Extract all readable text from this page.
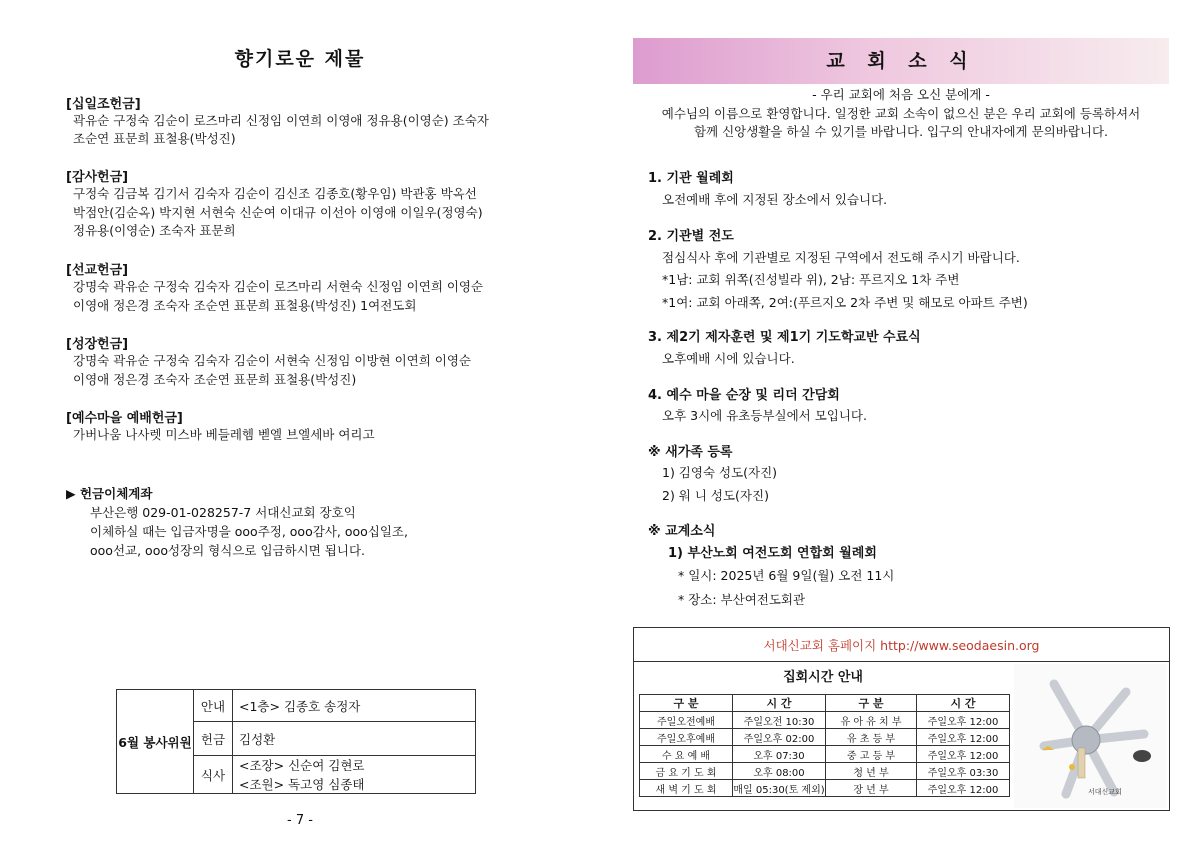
향기로운 제물
[십일조헌금]
곽유순 구정숙 김순이 로즈마리 신정임 이연희 이영애 정유용(이영순) 조숙자
조순연 표문희 표철용(박성진)
[감사헌금]
구정숙 김금복 김기서 김숙자 김순이 김신조 김종호(황우임) 박관홍 박옥선
박점안(김순옥) 박지현 서현숙 신순여 이대규 이선아 이영애 이일우(정영숙)
정유용(이영순) 조숙자 표문희
[선교헌금]
강명숙 곽유순 구정숙 김숙자 김순이 로즈마리 서현숙 신정임 이연희 이영순
이영애 정은경 조숙자 조순연 표문희 표철용(박성진) 1여전도회
[성장헌금]
강명숙 곽유순 구정숙 김숙자 김순이 서현숙 신정임 이방현 이연희 이영순
이영애 정은경 조숙자 조순연 표문희 표철용(박성진)
[예수마을 예배헌금]
가버나움 나사렛 미스바 베들레헴 벧엘 브엘세바 여리고
▶ 헌금이체계좌
부산은행 029-01-028257-7 서대신교회 장호익
이체하실 때는 입금자명을 ooo주정, ooo감사, ooo십일조,
ooo선교, ooo성장의 형식으로 입금하시면 됩니다.
6월 봉사위원	안내	<1층> 김종호 송정자
	헌금	김성환
	식사	<조장> 신순여 김현로
		<조원> 독고영 심종태
- 7 -
교 회 소 식
- 우리 교회에 처음 오신 분에게 -
예수님의 이름으로 환영합니다. 일정한 교회 소속이 없으신 분은 우리 교회에 등록하셔서
함께 신앙생활을 하실 수 있기를 바랍니다. 입구의 안내자에게 문의바랍니다.
1. 기관 월례회
오전예배 후에 지정된 장소에서 있습니다.
2. 기관별 전도
점심식사 후에 기관별로 지정된 구역에서 전도해 주시기 바랍니다.
*1남: 교회 위쪽(진성빌라 위), 2남: 푸르지오 1차 주변
*1여: 교회 아래쪽, 2여:(푸르지오 2차 주변 및 해모로 아파트 주변)
3. 제2기 제자훈련 및 제1기 기도학교반 수료식
오후예배 시에 있습니다.
4. 예수 마을 순장 및 리더 간담회
오후 3시에 유초등부실에서 모입니다.
※ 새가족 등록
1) 김영숙 성도(자진)
2) 워 니 성도(자진)
※ 교계소식
1) 부산노회 여전도회 연합회 월례회
* 일시: 2025년 6월 9일(월) 오전 11시
* 장소: 부산여전도회관
서대신교회 홈페이지 http://www.seodaesin.org
집회시간 안내
구 분	시 간	구 분	시 간
주일오전예배	주일오전 10:30	유 아 유 치 부	주일오후 12:00
주일오후예배	주일오후 02:00	유 초 등 부	주일오후 12:00
수 요 예 배	오후 07:30	중 고 등 부	주일오후 12:00
금 요 기 도 회	오후 08:00	청 년 부	주일오후 03:30
새 벽 기 도 회	매일 05:30(토 제외)	장 년 부	주일오후 12:00	서대신교회
